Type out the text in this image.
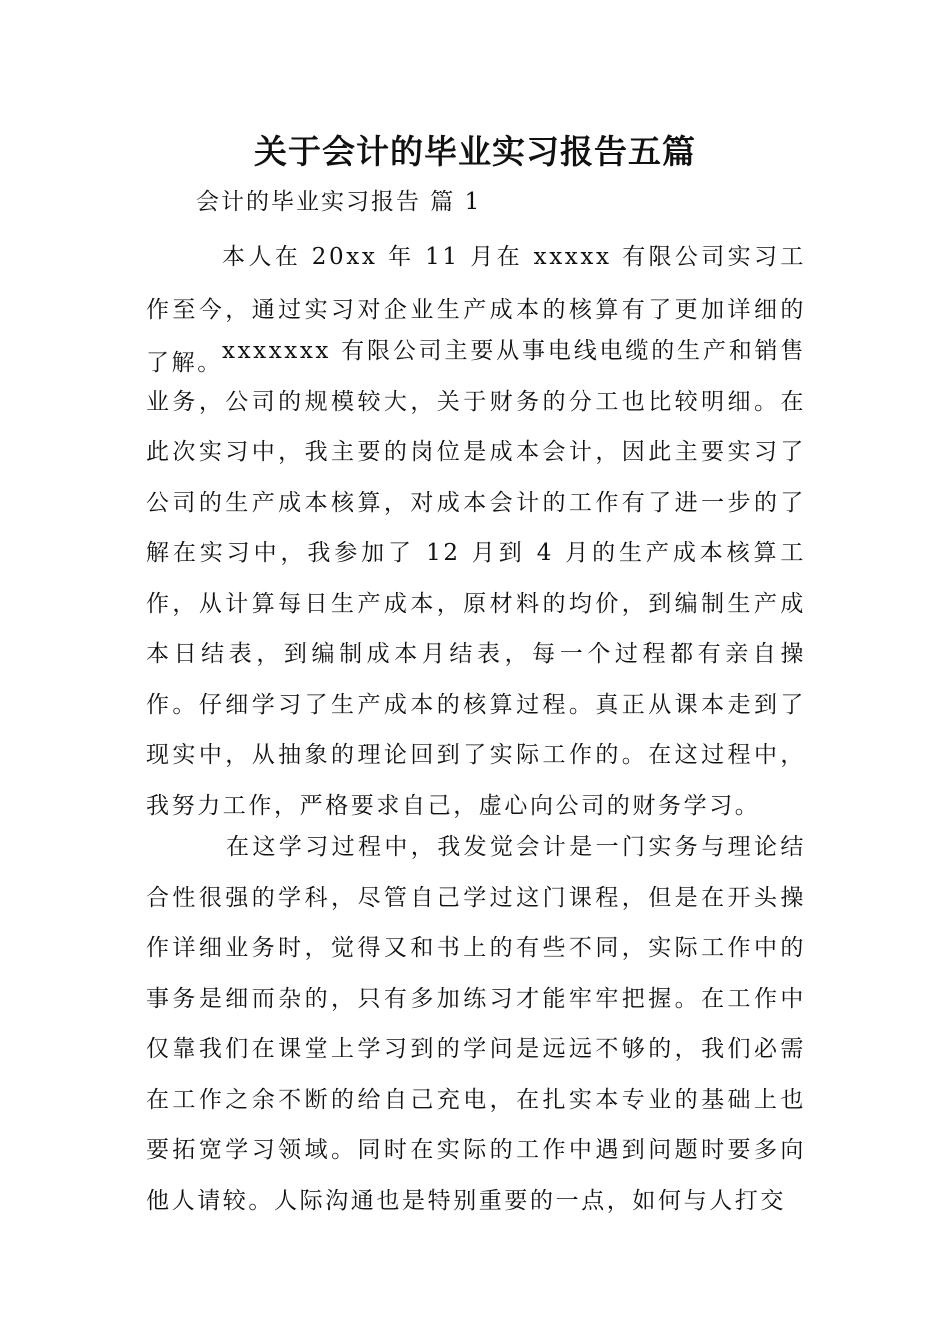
关于会计的毕业实习报告五篇

会计的毕业实习报告 篇 1

本人在 20xx 年 11 月在 xxxxx 有限公司实习工作至今，通过实习对企业生产成本的核算有了更加详细的了解。 xxxxxxx 有限公司主要从事电线电缆的生产和销售业务，公司的规模较大，关于财务的分工也比较明细。在此次实习中，我主要的岗位是成本会计，因此主要实习了公司的生产成本核算，对成本会计的工作有了进一步的了解在实习中，我参加了 12 月到 4 月的生产成本核算工作，从计算每日生产成本，原材料的均价，到编制生产成本日结表，到编制成本月结表，每一个过程都有亲自操作。仔细学习了生产成本的核算过程。真正从课本走到了现实中，从抽象的理论回到了实际工作的。在这过程中，我努力工作，严格要求自己，虚心向公司的财务学习。

在这学习过程中，我发觉会计是一门实务与理论结合性很强的学科，尽管自己学过这门课程，但是在开头操作详细业务时，觉得又和书上的有些不同，实际工作中的事务是细而杂的，只有多加练习才能牢牢把握。在工作中仅靠我们在课堂上学习到的学问是远远不够的，我们必需在工作之余不断的给自己充电，在扎实本专业的基础上也要拓宽学习领域。同时在实际的工作中遇到问题时要多向他人请较。人际沟通也是特别重要的一点，如何与人打交
